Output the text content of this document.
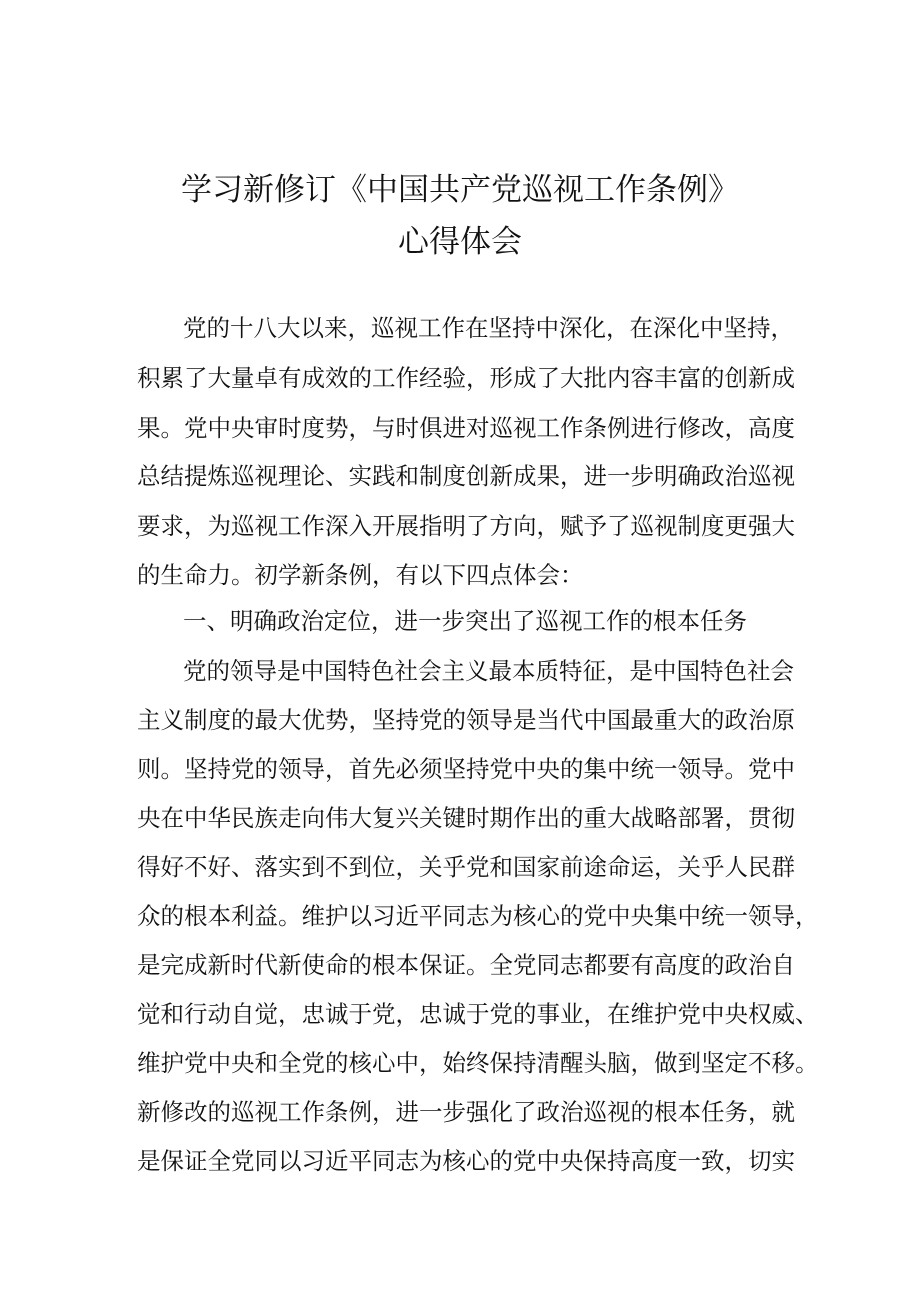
学习新修订《中国共产党巡视工作条例》
心得体会
党的十八大以来，巡视工作在坚持中深化，在深化中坚持，
积累了大量卓有成效的工作经验，形成了大批内容丰富的创新成
果。党中央审时度势，与时俱进对巡视工作条例进行修改，高度
总结提炼巡视理论、实践和制度创新成果，进一步明确政治巡视
要求，为巡视工作深入开展指明了方向，赋予了巡视制度更强大
的生命力。初学新条例，有以下四点体会：
一、明确政治定位，进一步突出了巡视工作的根本任务
党的领导是中国特色社会主义最本质特征，是中国特色社会
主义制度的最大优势，坚持党的领导是当代中国最重大的政治原
则。坚持党的领导，首先必须坚持党中央的集中统一领导。党中
央在中华民族走向伟大复兴关键时期作出的重大战略部署，贯彻
得好不好、落实到不到位，关乎党和国家前途命运，关乎人民群
众的根本利益。维护以习近平同志为核心的党中央集中统一领导，
是完成新时代新使命的根本保证。全党同志都要有高度的政治自
觉和行动自觉，忠诚于党，忠诚于党的事业，在维护党中央权威、
维护党中央和全党的核心中，始终保持清醒头脑，做到坚定不移。
新修改的巡视工作条例，进一步强化了政治巡视的根本任务，就
是保证全党同以习近平同志为核心的党中央保持高度一致，切实
